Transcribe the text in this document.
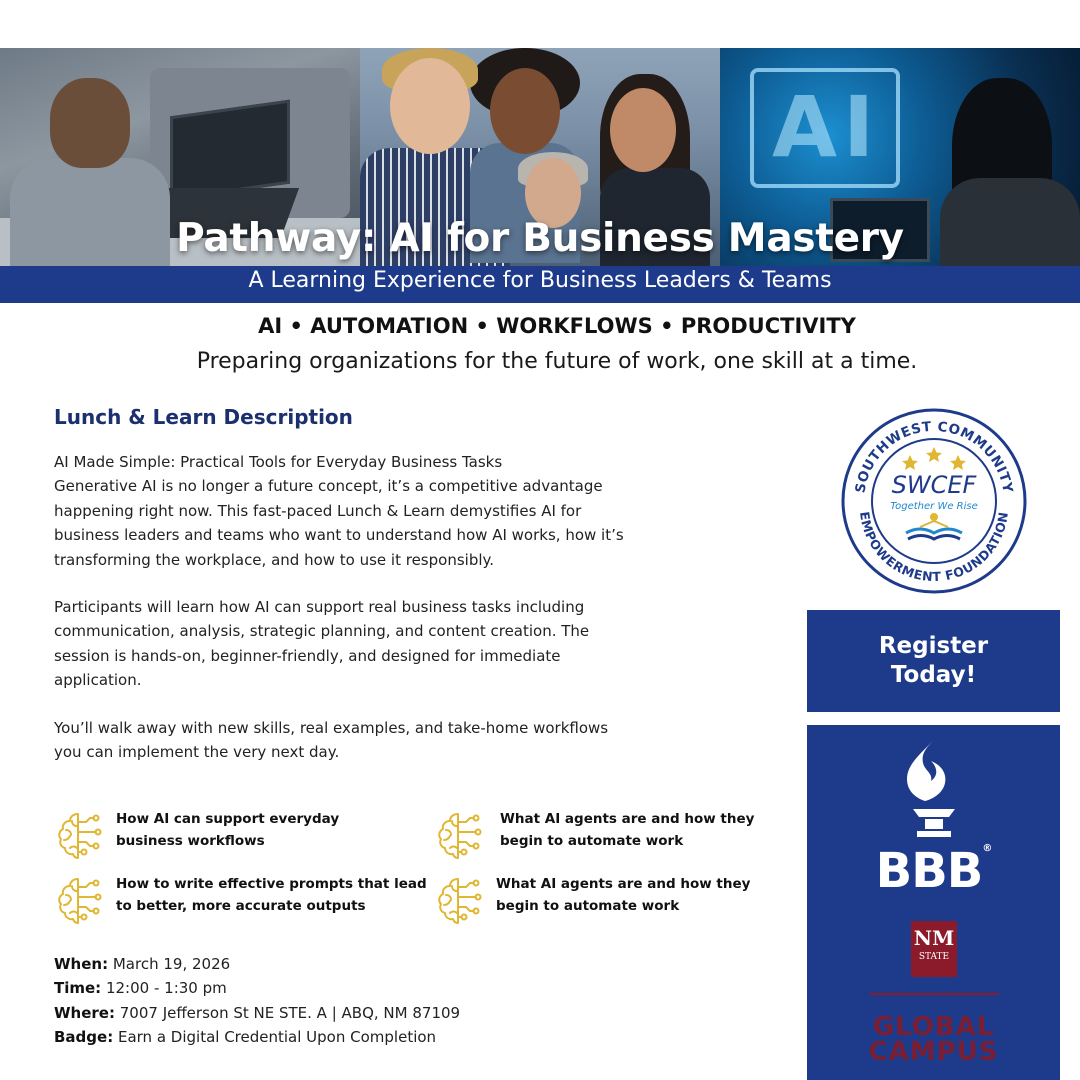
AI
Pathway: AI for Business Mastery
A Learning Experience for Business Leaders & Teams
AI • AUTOMATION • WORKFLOWS • PRODUCTIVITY
Preparing organizations for the future of work, one skill at a time.
Lunch & Learn Description
AI Made Simple: Practical Tools for Everyday Business Tasks
Generative AI is no longer a future concept, it’s a competitive advantage
happening right now. This fast-paced Lunch & Learn demystifies AI for
business leaders and teams who want to understand how AI works, how it’s
transforming the workplace, and how to use it responsibly.
Participants will learn how AI can support real business tasks including
communication, analysis, strategic planning, and content creation. The
session is hands-on, beginner-friendly, and designed for immediate
application.
You’ll walk away with new skills, real examples, and take-home workflows
you can implement the very next day.
How AI can support everyday
business workflows
What AI agents are and how they
begin to automate work
How to write effective prompts that lead
to better, more accurate outputs
What AI agents are and how they
begin to automate work
When: March 19, 2026
Time: 12:00 - 1:30 pm
Where: 7007 Jefferson St NE STE. A | ABQ, NM 87109
Badge: Earn a Digital Credential Upon Completion
SOUTHWEST COMMUNITY
EMPOWERMENT FOUNDATION
SWCEF
Together We Rise
Register
Today!
BBB®
NM
STATE
GLOBAL
CAMPUS
